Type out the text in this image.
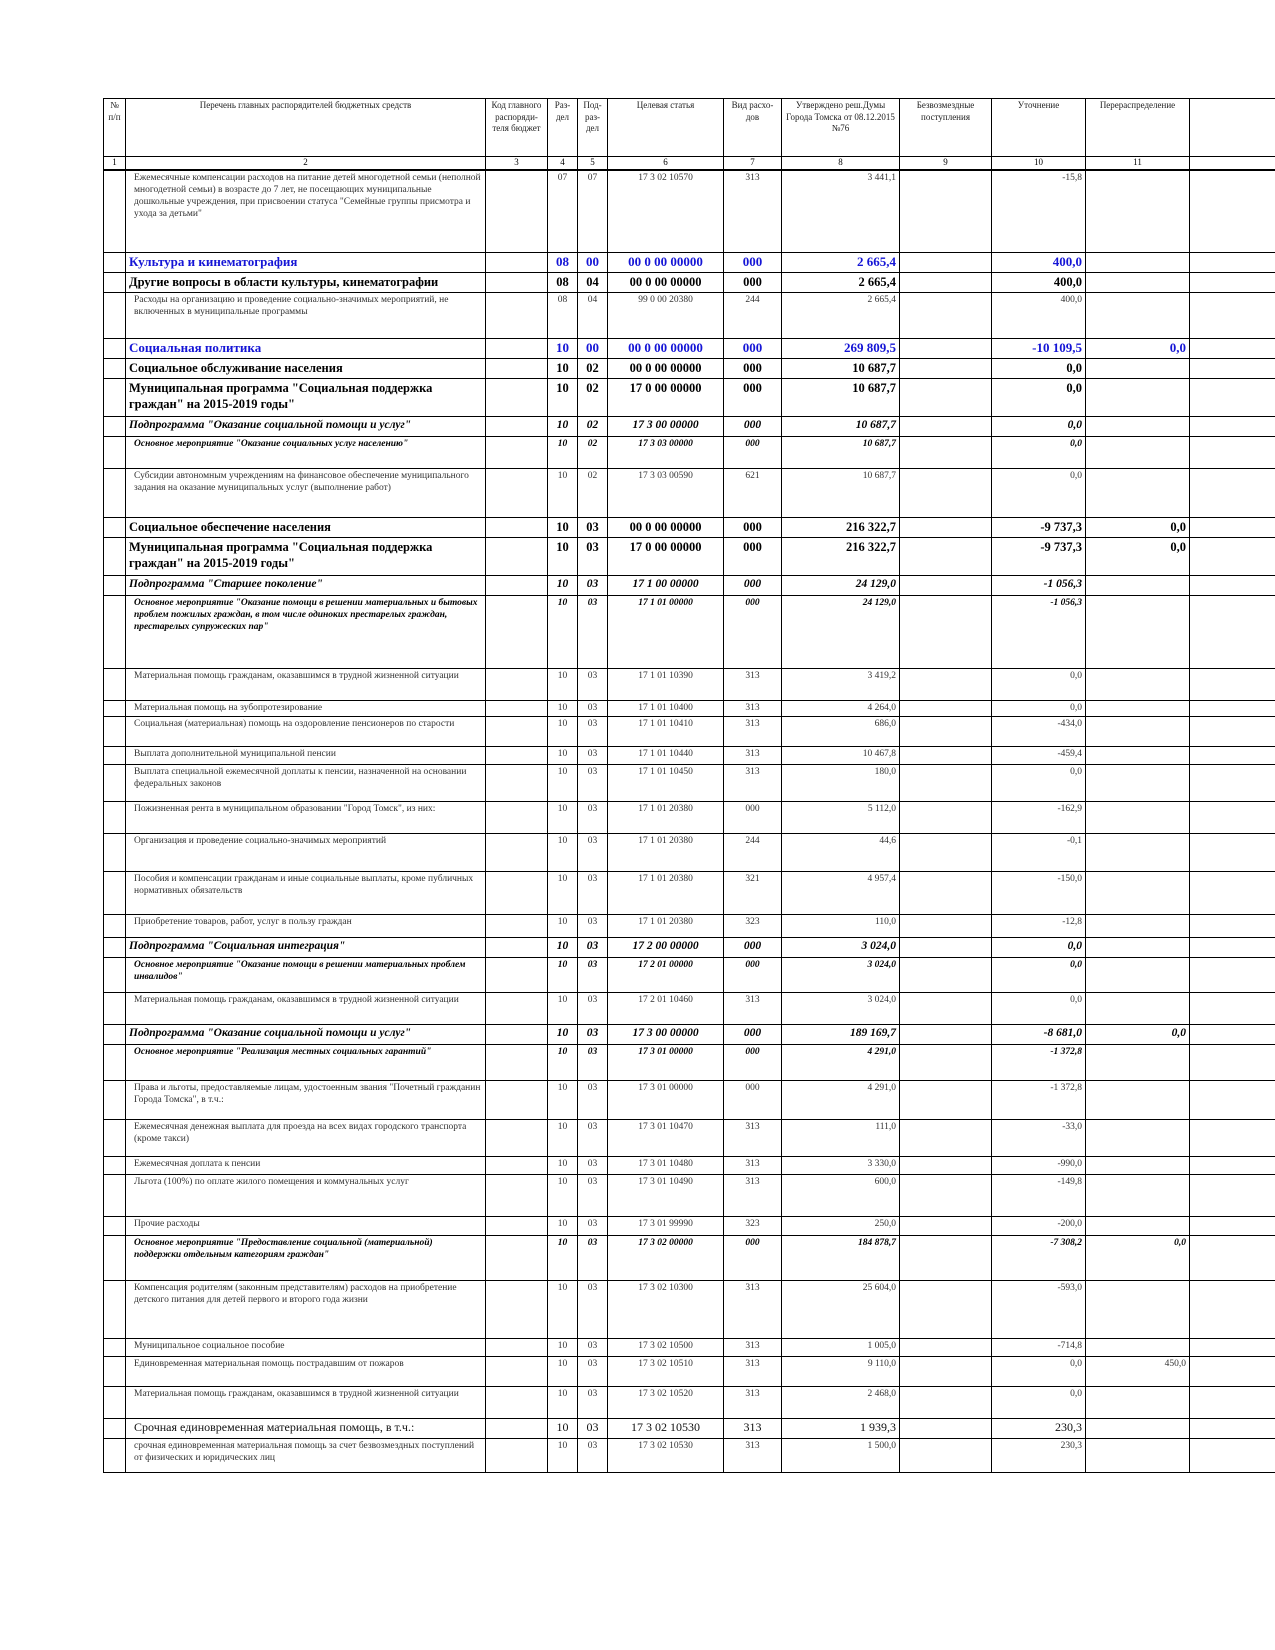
№ п/п	Перечень главных распорядителей бюджетных средств	Код главного распоряди-теля бюджет	Раз-дел	Под-раз-дел	Целевая статья	Вид расхо-дов	Утверждено реш.Думы Города Томска от 08.12.2015 №76	Безвозмездные поступления	Уточнение	Перераспределение	
1	2	3	4	5	6	7	8	9	10	11	
	Ежемесячные компенсации расходов на питание детей многодетной семьи (неполной многодетной семьи) в возрасте до 7 лет, не посещающих муниципальные дошкольные учреждения, при присвоении статуса "Семейные группы присмотра и ухода за детьми"		07	07	17 3 02 10570	313	3 441,1		-15,8		
	Культура и кинематография		08	00	00 0 00 00000	000	2 665,4		400,0		
	Другие вопросы в области культуры, кинематографии		08	04	00 0 00 00000	000	2 665,4		400,0		
	Расходы на организацию и проведение социально-значимых мероприятий, не включенных в муниципальные программы		08	04	99 0 00 20380	244	2 665,4		400,0		
	Социальная политика		10	00	00 0 00 00000	000	269 809,5		-10 109,5	0,0	
	Социальное обслуживание населения		10	02	00 0 00 00000	000	10 687,7		0,0		
	Муниципальная программа "Социальная поддержка граждан" на 2015-2019 годы"		10	02	17 0 00 00000	000	10 687,7		0,0		
	Подпрограмма "Оказание социальной помощи и услуг"		10	02	17 3 00 00000	000	10 687,7		0,0		
	Основное мероприятие "Оказание социальных услуг населению"		10	02	17 3 03 00000	000	10 687,7		0,0		
	Субсидии автономным учреждениям на финансовое обеспечение муниципального задания на оказание муниципальных услуг (выполнение работ)		10	02	17 3 03 00590	621	10 687,7		0,0		
	Социальное обеспечение населения		10	03	00 0 00 00000	000	216 322,7		-9 737,3	0,0	
	Муниципальная программа "Социальная поддержка граждан" на 2015-2019 годы"		10	03	17 0 00 00000	000	216 322,7		-9 737,3	0,0	
	Подпрограмма "Старшее поколение"		10	03	17 1 00 00000	000	24 129,0		-1 056,3		
	Основное мероприятие "Оказание помощи в решении материальных и бытовых проблем пожилых граждан, в том числе одиноких престарелых граждан, престарелых супружеских пар"		10	03	17 1 01 00000	000	24 129,0		-1 056,3		
	Материальная помощь гражданам, оказавшимся в трудной жизненной ситуации		10	03	17 1 01 10390	313	3 419,2		0,0		
	Материальная помощь на зубопротезирование		10	03	17 1 01 10400	313	4 264,0		0,0		
	Социальная (материальная) помощь на оздоровление пенсионеров по старости		10	03	17 1 01 10410	313	686,0		-434,0		
	Выплата дополнительной муниципальной пенсии		10	03	17 1 01 10440	313	10 467,8		-459,4		
	Выплата специальной ежемесячной доплаты к пенсии, назначенной на основании федеральных законов		10	03	17 1 01 10450	313	180,0		0,0		
	Пожизненная рента в муниципальном образовании "Город Томск", из них:		10	03	17 1 01 20380	000	5 112,0		-162,9		
	Организация и проведение социально-значимых мероприятий		10	03	17 1 01 20380	244	44,6		-0,1		
	Пособия и компенсации гражданам и иные социальные выплаты, кроме публичных нормативных обязательств		10	03	17 1 01 20380	321	4 957,4		-150,0		
	Приобретение товаров, работ, услуг в пользу граждан		10	03	17 1 01 20380	323	110,0		-12,8		
	Подпрограмма "Социальная интеграция"		10	03	17 2 00 00000	000	3 024,0		0,0		
	Основное мероприятие "Оказание помощи в решении материальных проблем инвалидов"		10	03	17 2 01 00000	000	3 024,0		0,0		
	Материальная помощь гражданам, оказавшимся в трудной жизненной ситуации		10	03	17 2 01 10460	313	3 024,0		0,0		
	Подпрограмма "Оказание социальной помощи и услуг"		10	03	17 3 00 00000	000	189 169,7		-8 681,0	0,0	
	Основное мероприятие "Реализация местных социальных гарантий"		10	03	17 3 01 00000	000	4 291,0		-1 372,8		
	Права и льготы, предоставляемые лицам, удостоенным звания "Почетный гражданин Города Томска", в т.ч.:		10	03	17 3 01 00000	000	4 291,0		-1 372,8		
	Ежемесячная денежная выплата для проезда на всех видах городского транспорта (кроме такси)		10	03	17 3 01 10470	313	111,0		-33,0		
	Ежемесячная доплата к пенсии		10	03	17 3 01 10480	313	3 330,0		-990,0		
	Льгота (100%) по оплате жилого помещения и коммунальных услуг		10	03	17 3 01 10490	313	600,0		-149,8		
	Прочие расходы		10	03	17 3 01 99990	323	250,0		-200,0		
	Основное мероприятие "Предоставление социальной (материальной) поддержки отдельным категориям граждан"		10	03	17 3 02 00000	000	184 878,7		-7 308,2	0,0	
	Компенсация родителям (законным представителям) расходов на приобретение детского питания для детей первого и второго года жизни		10	03	17 3 02 10300	313	25 604,0		-593,0		
	Муниципальное социальное пособие		10	03	17 3 02 10500	313	1 005,0		-714,8		
	Единовременная материальная помощь пострадавшим от пожаров		10	03	17 3 02 10510	313	9 110,0		0,0	450,0	
	Материальная помощь гражданам, оказавшимся в трудной жизненной ситуации		10	03	17 3 02 10520	313	2 468,0		0,0		
	Срочная единовременная материальная помощь, в т.ч.:		10	03	17 3 02 10530	313	1 939,3		230,3		
	срочная единовременная материальная помощь за счет безвозмездных поступлений от физических и юридических лиц		10	03	17 3 02 10530	313	1 500,0		230,3		
